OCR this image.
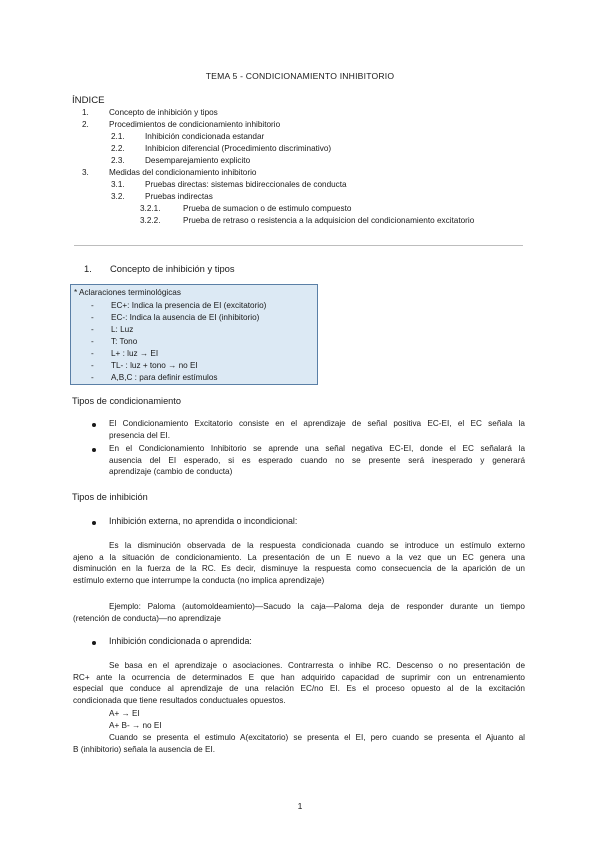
TEMA 5 - CONDICIONAMIENTO INHIBITORIO
ÍNDICE
1. Concepto de inhibición y tipos
2. Procedimientos de condicionamiento inhibitorio
2.1. Inhibición condicionada estandar
2.2. Inhibicion diferencial (Procedimiento discriminativo)
2.3. Desemparejamiento explicito
3. Medidas del condicionamiento inhibitorio
3.1. Pruebas directas: sistemas bidireccionales de conducta
3.2. Pruebas indirectas
3.2.1.	Prueba de sumacion o de estimulo compuesto
3.2.2.	Prueba de retraso o resistencia a la adquisicion del condicionamiento excitatorio
1. Concepto de inhibición y tipos
* Aclaraciones terminológicas
- EC+: Indica la presencia de EI (excitatorio)
- EC-: Indica la ausencia de EI (inhibitorio)
- L: Luz
- T: Tono
- L+ : luz → EI
- TL- : luz + tono → no EI
- A,B,C : para definir estímulos
Tipos de condicionamiento
El Condicionamiento Excitatorio consiste en el aprendizaje de señal positiva EC-EI, el EC señala la
presencia del EI.
En el Condicionamiento Inhibitorio se aprende una señal negativa EC-EI, donde el EC señalará la
ausencia del EI esperado, si es esperado cuando no se presente será inesperado y generará
aprendizaje (cambio de conducta)
Tipos de inhibición
Inhibición externa, no aprendida o incondicional:
Es la disminución observada de la respuesta condicionada cuando se introduce un estímulo externo
ajeno a la situación de condicionamiento. La presentación de un E nuevo a la vez que un EC genera una
disminución en la fuerza de la RC. Es decir, disminuye la respuesta como consecuencia de la aparición de un
estímulo externo que interrumpe la conducta (no implica aprendizaje)
Ejemplo: Paloma (automoldeamiento)—Sacudo la caja—Paloma deja de responder durante un tiempo
(retención de conducta)—no aprendizaje
Inhibición condicionada o aprendida:
Se basa en el aprendizaje o asociaciones. Contrarresta o inhibe RC. Descenso o no presentación de
RC+ ante la ocurrencia de determinados E que han adquirido capacidad de suprimir con un entrenamiento
especial que conduce al aprendizaje de una relación EC/no EI. Es el proceso opuesto al de la excitación
condicionada que tiene resultados conductuales opuestos.
A+ → EI
A+ B- → no EI
Cuando se presenta el estimulo A(excitatorio) se presenta el EI, pero cuando se presenta el Ajuanto al
B (inhibitorio) señala la ausencia de EI.
1
